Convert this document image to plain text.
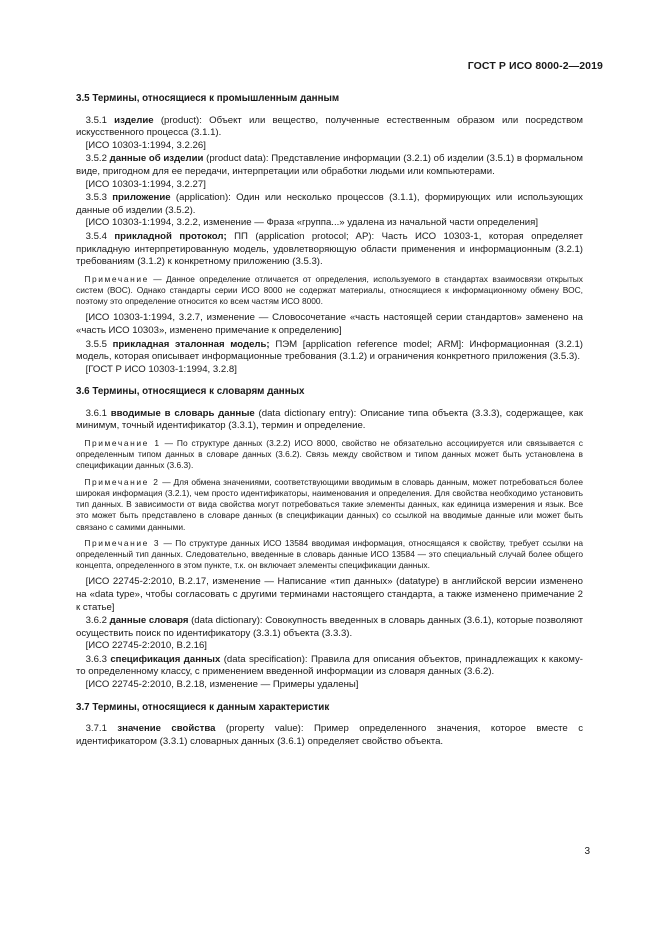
ГОСТ Р ИСО 8000-2—2019
3.5 Термины, относящиеся к промышленным данным

 3.5.1 изделие (product): Объект или вещество, полученные естественным образом или посредством искусственного процесса (3.1.1).

 [ИСО 10303-1:1994, 3.2.26]

 3.5.2 данные об изделии (product data): Представление информации (3.2.1) об изделии (3.5.1) в формальном виде, пригодном для ее передачи, интерпретации или обработки людьми или компьютерами.

 [ИСО 10303-1:1994, 3.2.27]

 3.5.3 приложение (application): Один или несколько процессов (3.1.1), формирующих или использующих данные об изделии (3.5.2).

 [ИСО 10303-1:1994, 3.2.2, изменение — Фраза «группа...» удалена из начальной части определения]

 3.5.4 прикладной протокол; ПП (application protocol; AP): Часть ИСО 10303-1, которая определяет прикладную интерпретированную модель, удовлетворяющую области применения и информационным (3.2.1) требованиям (3.1.2) к конкретному приложению (3.5.3).

 Примечание — Данное определение отличается от определения, используемого в стандартах взаимосвязи открытых систем (ВОС). Однако стандарты серии ИСО 8000 не содержат материалы, относящиеся к информационному обмену ВОС, поэтому это определение относится ко всем частям ИСО 8000.

 [ИСО 10303-1:1994, 3.2.7, изменение — Словосочетание «часть настоящей серии стандартов» заменено на «часть ИСО 10303», изменено примечание к определению]

 3.5.5 прикладная эталонная модель; ПЭМ [application reference model; ARM]: Информационная (3.2.1) модель, которая описывает информационные требования (3.1.2) и ограничения конкретного приложения (3.5.3).

 [ГОСТ Р ИСО 10303-1:1994, 3.2.8]

3.6 Термины, относящиеся к словарям данных

 3.6.1 вводимые в словарь данные (data dictionary entry): Описание типа объекта (3.3.3), содержащее, как минимум, точный идентификатор (3.3.1), термин и определение.

 Примечание 1 — По структуре данных (3.2.2) ИСО 8000, свойство не обязательно ассоциируется или связывается с определенным типом данных в словаре данных (3.6.2). Связь между свойством и типом данных может быть установлена в спецификации данных (3.6.3).

 Примечание 2 — Для обмена значениями, соответствующими вводимым в словарь данным, может потребоваться более широкая информация (3.2.1), чем просто идентификаторы, наименования и определения. Для свойства необходимо установить тип данных. В зависимости от вида свойства могут потребоваться такие элементы данных, как единица измерения и язык. Все это может быть представлено в словаре данных (в спецификации данных) со ссылкой на вводимые данные или может быть связано с самими данными.

 Примечание 3 — По структуре данных ИСО 13584 вводимая информация, относящаяся к свойству, требует ссылки на определенный тип данных. Следовательно, введенные в словарь данные ИСО 13584 — это специальный случай более общего концепта, определенного в этом пункте, т.к. он включает элементы спецификации данных.

 [ИСО 22745-2:2010, B.2.17, изменение — Написание «тип данных» (datatype) в английской версии изменено на «data type», чтобы согласовать с другими терминами настоящего стандарта, а также изменено примечание 2 к статье]

 3.6.2 данные словаря (data dictionary): Совокупность введенных в словарь данных (3.6.1), которые позволяют осуществить поиск по идентификатору (3.3.1) объекта (3.3.3).

 [ИСО 22745-2:2010, B.2.16]

 3.6.3 спецификация данных (data specification): Правила для описания объектов, принадлежащих к какому-то определенному классу, с применением введенной информации из словаря данных (3.6.2).

 [ИСО 22745-2:2010, B.2.18, изменение — Примеры удалены]

3.7 Термины, относящиеся к данным характеристик

 3.7.1 значение свойства (property value): Пример определенного значения, которое вместе с идентификатором (3.3.1) словарных данных (3.6.1) определяет свойство объекта.

3
